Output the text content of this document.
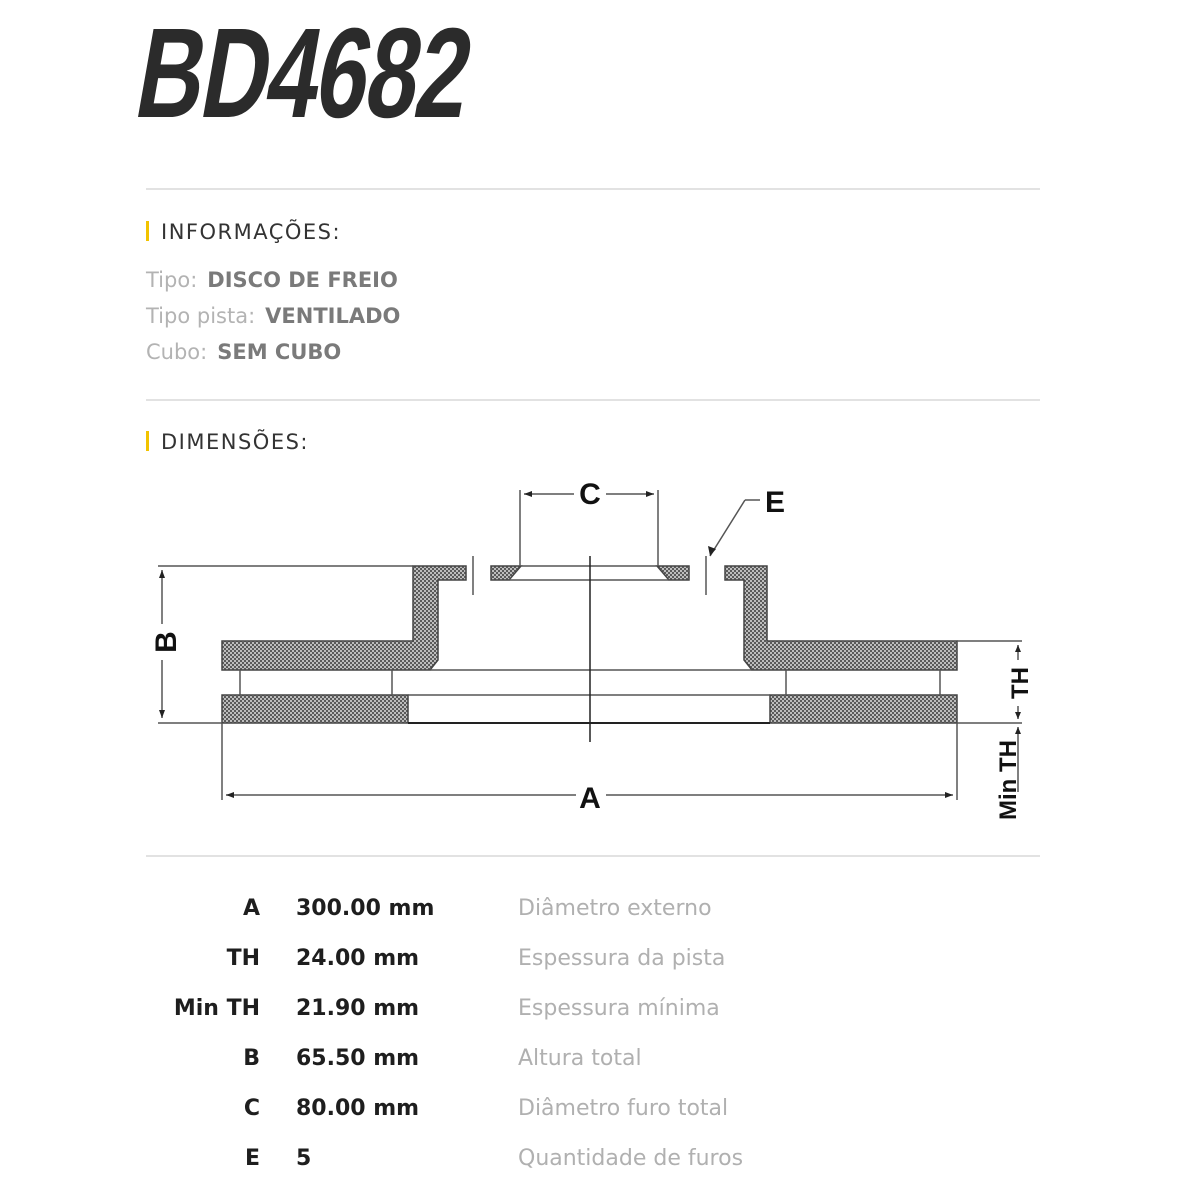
BD4682
INFORMAÇÕES:
Tipo: DISCO DE FREIO
Tipo pista: VENTILADO
Cubo: SEM CUBO
DIMENSÕES:
C	E
A
B
TH
Min TH
A 300.00 mm	Diâmetro externo
TH 24.00 mm	Espessura da pista
Min TH 21.90 mm	Espessura mínima
B 65.50 mm	Altura total
C 80.00 mm	Diâmetro furo total
E 5	Quantidade de furos
